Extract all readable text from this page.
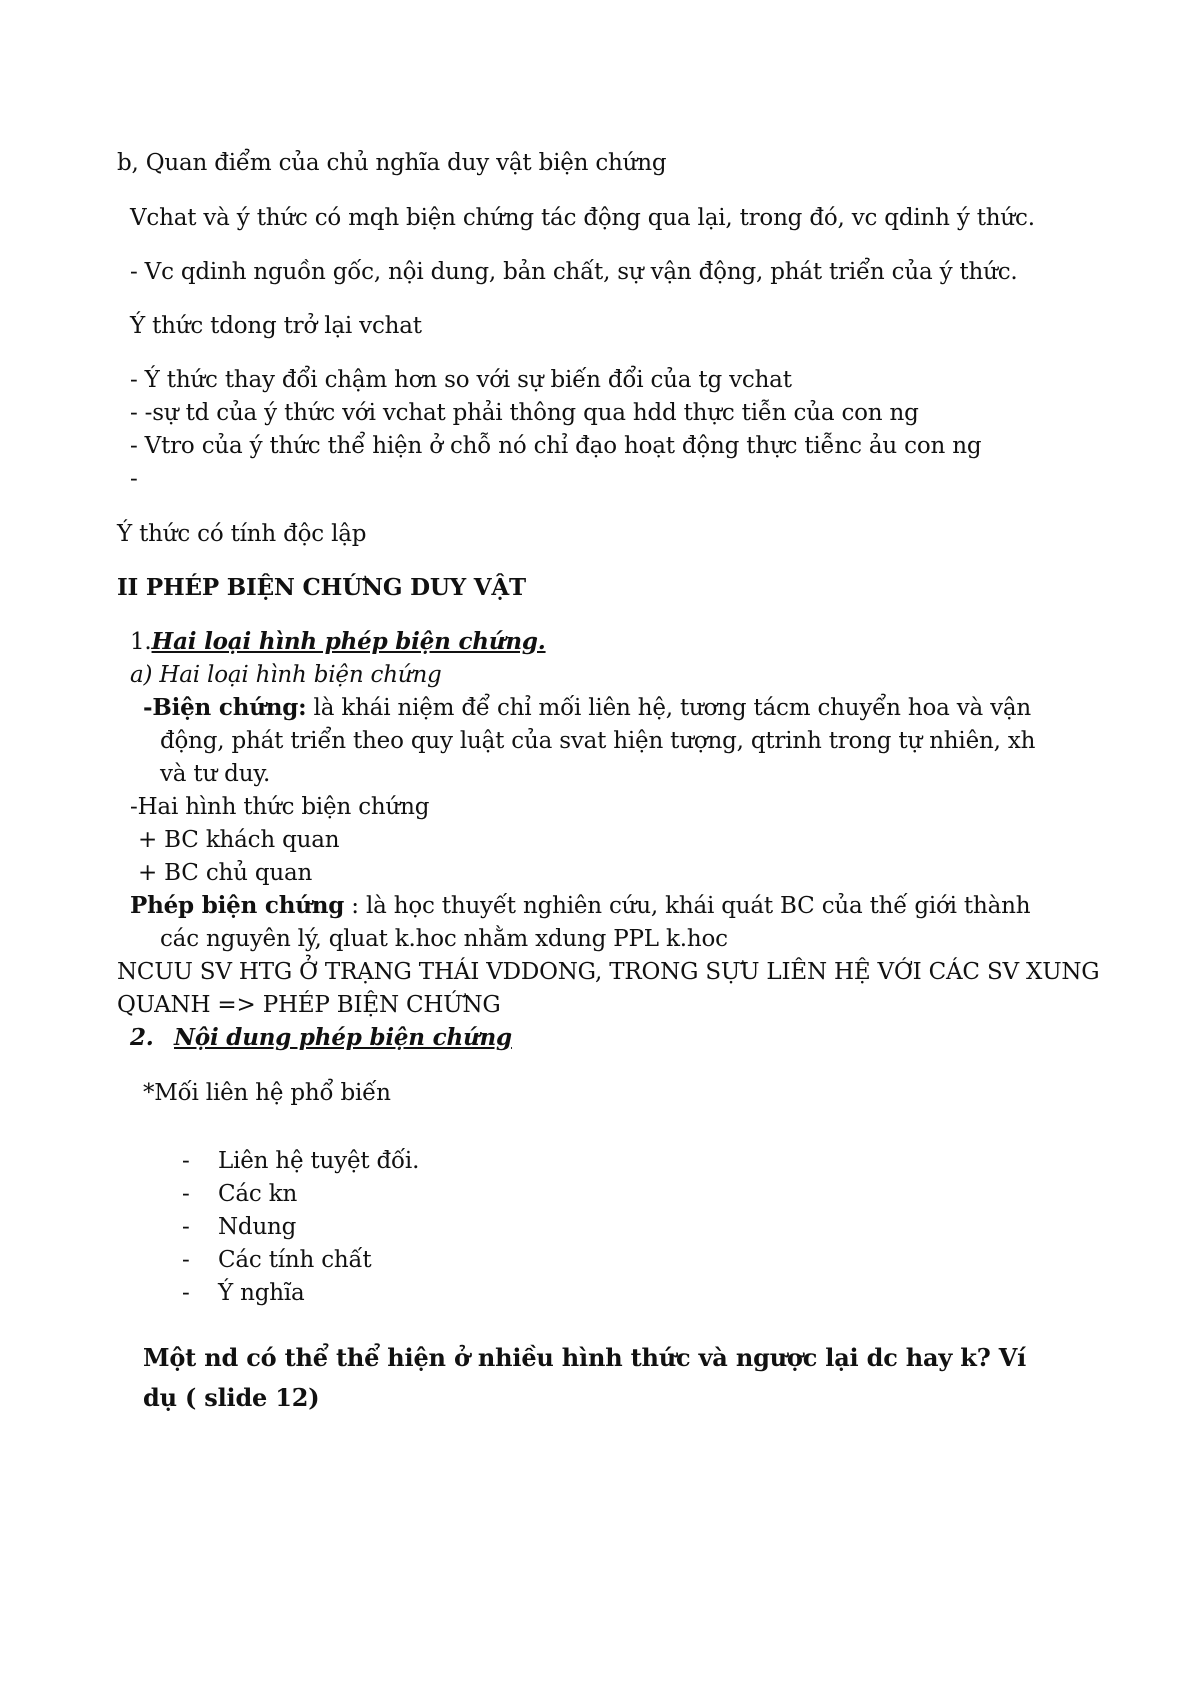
b, Quan điểm của chủ nghĩa duy vật biện chứng
Vchat và ý thức có mqh biện chứng tác động qua lại, trong đó, vc qdinh ý thức.
- Vc qdinh nguồn gốc, nội dung, bản chất, sự vận động, phát triển của ý thức.
Ý thức tdong trở lại vchat
- Ý thức thay đổi chậm hơn so với sự biến đổi của tg vchat
- -sự td của ý thức với vchat phải thông qua hdd thực tiễn của con ng
- Vtro của ý thức thể hiện ở chỗ nó chỉ đạo hoạt động thực tiễnc ảu con ng
-
Ý thức có tính độc lập
II PHÉP BIỆN CHỨNG DUY VẬT
1.Hai loại hình phép biện chứng.
a) Hai loại hình biện chứng
-Biện chứng: là khái niệm để chỉ mối liên hệ, tương tácm chuyển hoa và vận
động, phát triển theo quy luật của svat hiện tượng, qtrinh trong tự nhiên, xh
và tư duy.
-Hai hình thức biện chứng
+ BC khách quan
+ BC chủ quan
Phép biện chứng : là học thuyết nghiên cứu, khái quát BC của thế giới thành
các nguyên lý, qluat k.hoc nhằm xdung PPL k.hoc
NCUU SV HTG Ở TRẠNG THÁI VDDONG, TRONG SỰU LIÊN HỆ VỚI CÁC SV XUNG
QUANH => PHÉP BIỆN CHỨNG
2. Nội dung phép biện chứng
*Mối liên hệ phổ biến
- Liên hệ tuyệt đối.
- Các kn
- Ndung
- Các tính chất
- Ý nghĩa
Một nd có thể thể hiện ở nhiều hình thức và ngược lại dc hay k? Ví
dụ ( slide 12)
